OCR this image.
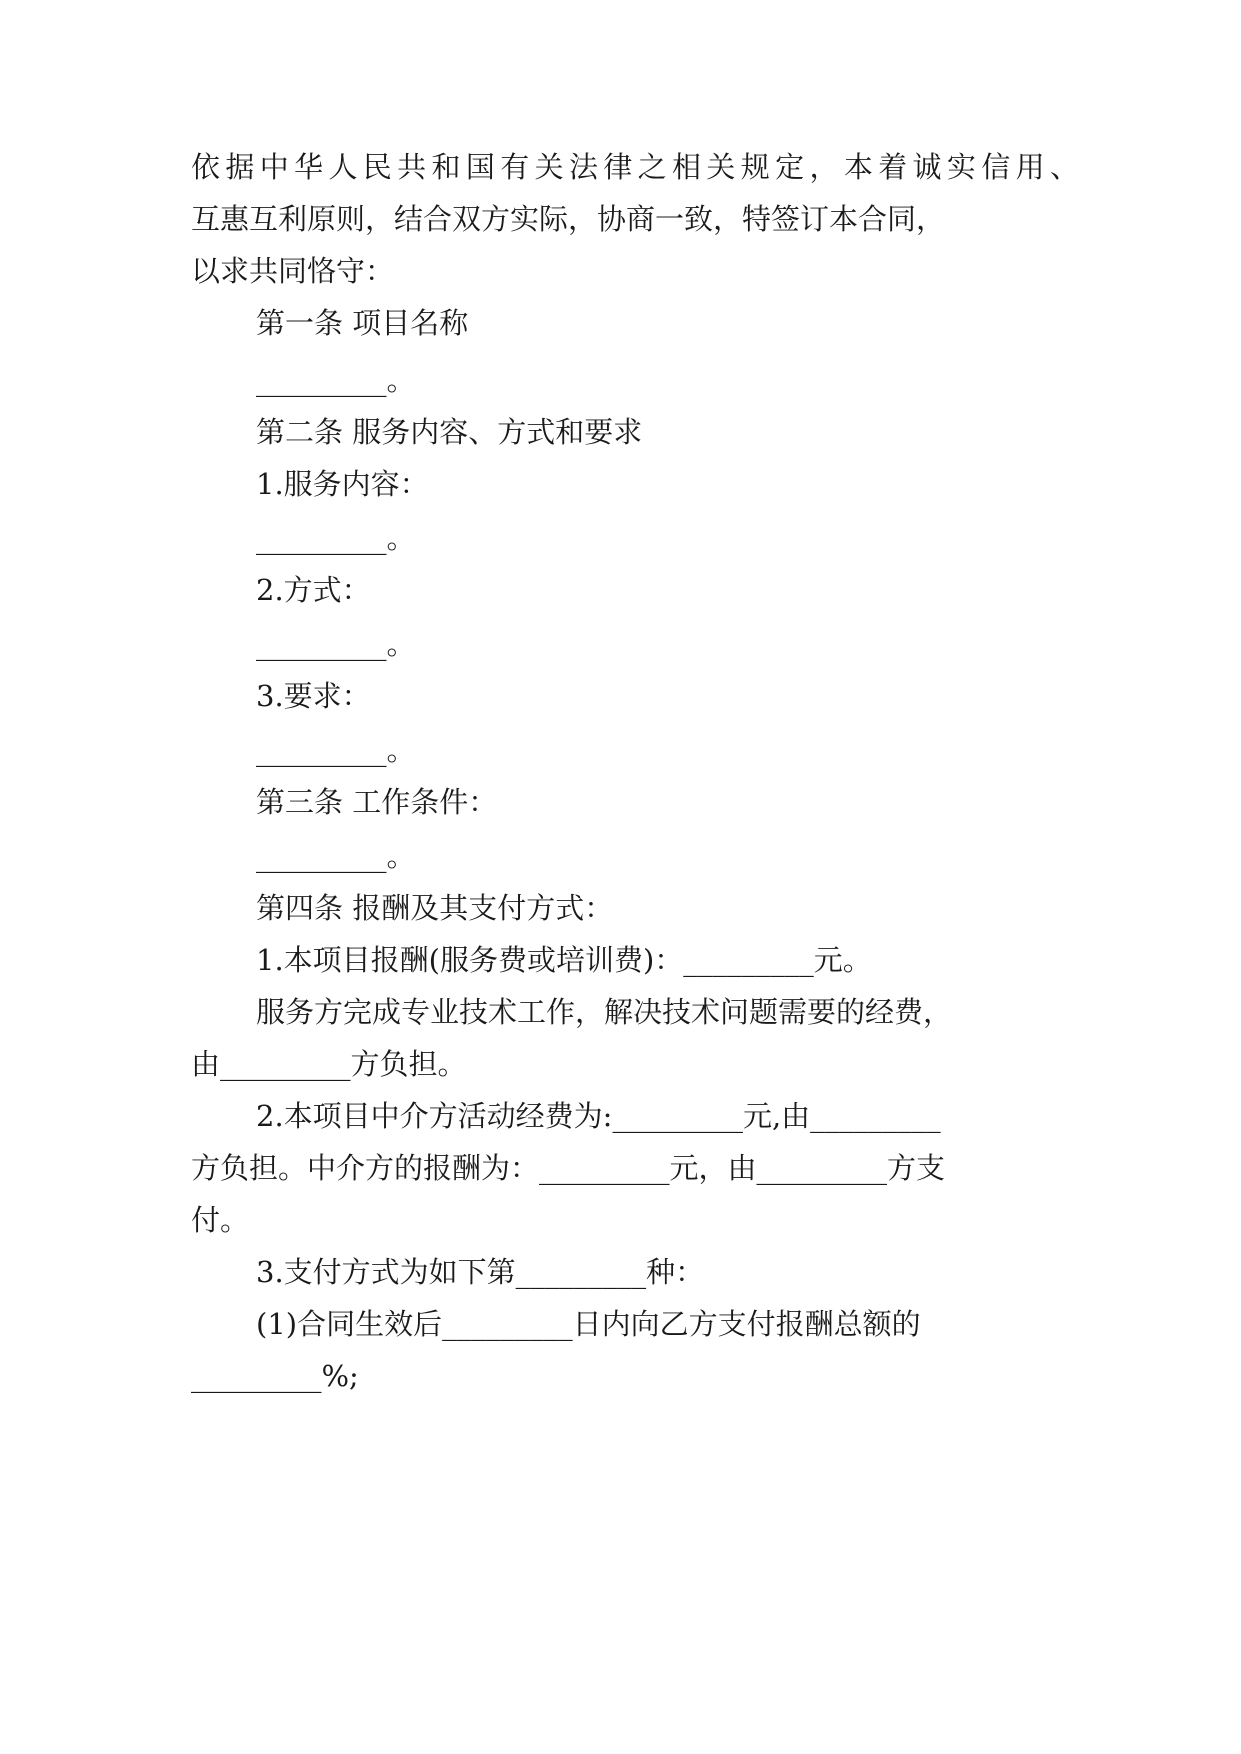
依 据 中 华 人 民 共 和 国 有 关 法 律 之 相 关 规 定 ， 本 着 诚 实 信 用 、
互惠互利原则，结合双方实际，协商一致，特签订本合同，
以求共同恪守：
第一条 项目名称
_________。
第二条 服务内容、方式和要求
1.服务内容：
_________。
2.方式：
_________。
3.要求：
_________。
第三条 工作条件：
_________。
第四条 报酬及其支付方式：
1.本项目报酬(服务费或培训费)：_________元。
服务方完成专业技术工作，解决技术问题需要的经费，
由_________方负担。
2.本项目中介方活动经费为:_________元,由_________
方负担。中介方的报酬为：_________元，由_________方支
付。
3.支付方式为如下第_________种：
(1)合同生效后_________日内向乙方支付报酬总额的
_________%;
